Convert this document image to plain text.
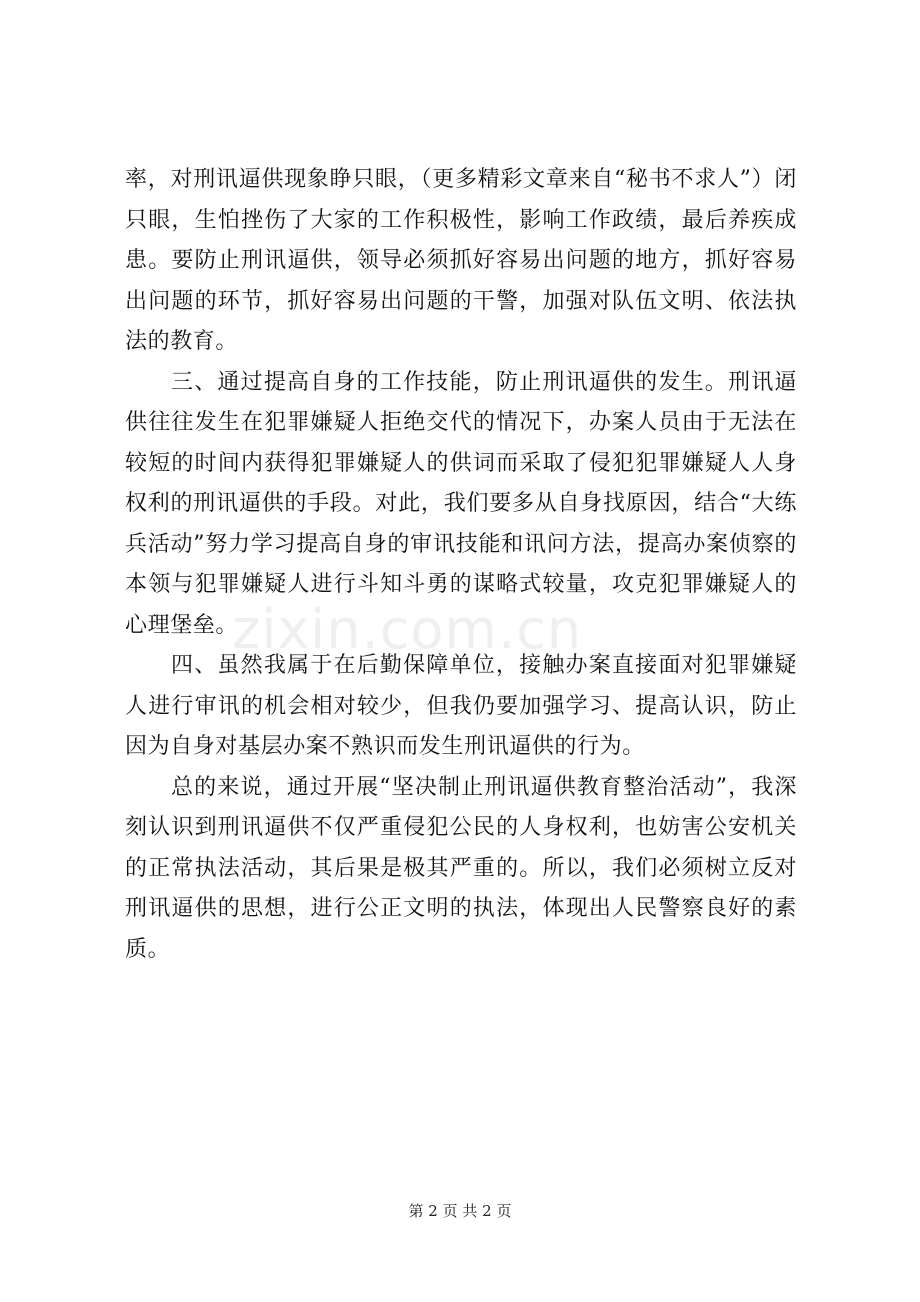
率，对刑讯逼供现象睁只眼，（更多精彩文章来自“秘书不求人”）闭只眼，生怕挫伤了大家的工作积极性，影响工作政绩，最后养疾成患。要防止刑讯逼供，领导必须抓好容易出问题的地方，抓好容易出问题的环节，抓好容易出问题的干警，加强对队伍文明、依法执法的教育。

三、通过提高自身的工作技能，防止刑讯逼供的发生。刑讯逼供往往发生在犯罪嫌疑人拒绝交代的情况下，办案人员由于无法在较短的时间内获得犯罪嫌疑人的供词而采取了侵犯犯罪嫌疑人人身权利的刑讯逼供的手段。对此，我们要多从自身找原因，结合“大练兵活动”努力学习提高自身的审讯技能和讯问方法，提高办案侦察的本领与犯罪嫌疑人进行斗知斗勇的谋略式较量，攻克犯罪嫌疑人的心理堡垒。

四、虽然我属于在后勤保障单位，接触办案直接面对犯罪嫌疑人进行审讯的机会相对较少，但我仍要加强学习、提高认识，防止因为自身对基层办案不熟识而发生刑讯逼供的行为。

总的来说，通过开展“坚决制止刑讯逼供教育整治活动”，我深刻认识到刑讯逼供不仅严重侵犯公民的人身权利，也妨害公安机关的正常执法活动，其后果是极其严重的。所以，我们必须树立反对刑讯逼供的思想，进行公正文明的执法，体现出人民警察良好的素质。

zixin.com.cn
第 2 页 共 2 页
